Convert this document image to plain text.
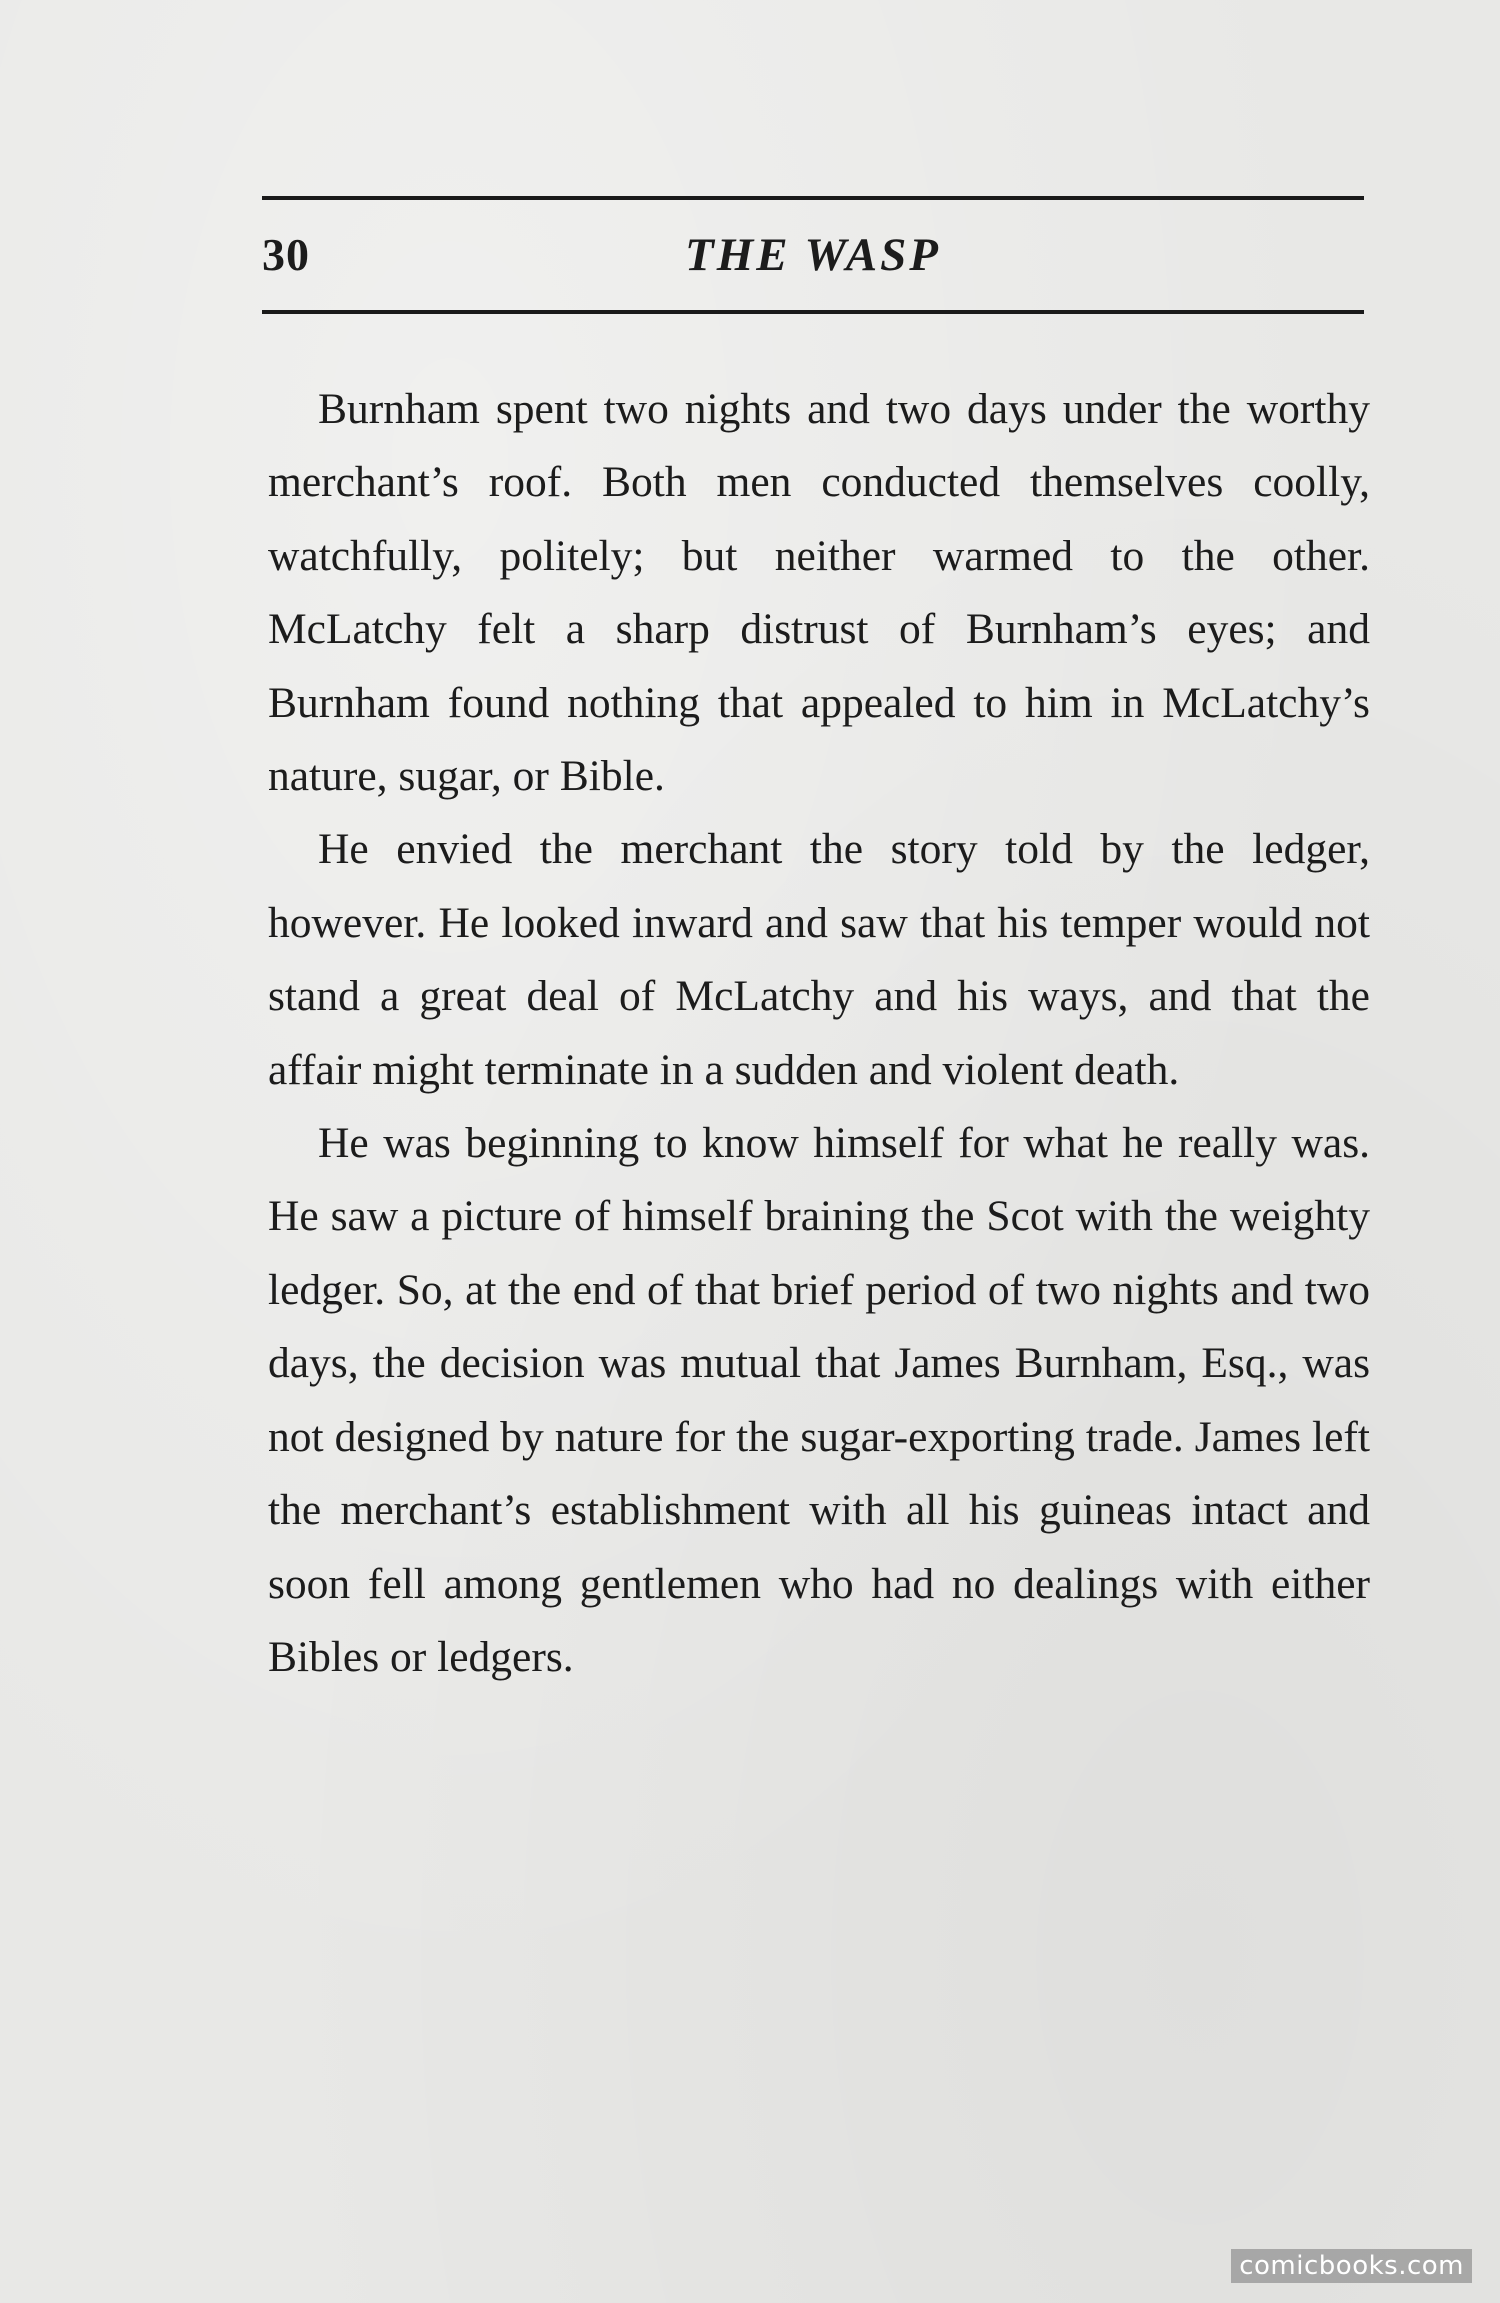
30	THE WASP

Burnham spent two nights and two days under the worthy merchant’s roof. Both men conducted themselves coolly, watchfully, politely; but neither warmed to the other. McLatchy felt a sharp distrust of Burnham’s eyes; and Burnham found nothing that appealed to him in McLatchy’s nature, sugar, or Bible.

He envied the merchant the story told by the ledger, however. He looked inward and saw that his temper would not stand a great deal of McLatchy and his ways, and that the affair might terminate in a sudden and violent death.

He was beginning to know himself for what he really was. He saw a picture of himself braining the Scot with the weighty ledger. So, at the end of that brief period of two nights and two days, the decision was mutual that James Burnham, Esq., was not designed by nature for the sugar-exporting trade. James left the merchant’s establishment with all his guineas intact and soon fell among gentlemen who had no dealings with either Bibles or ledgers.

comicbooks.com
